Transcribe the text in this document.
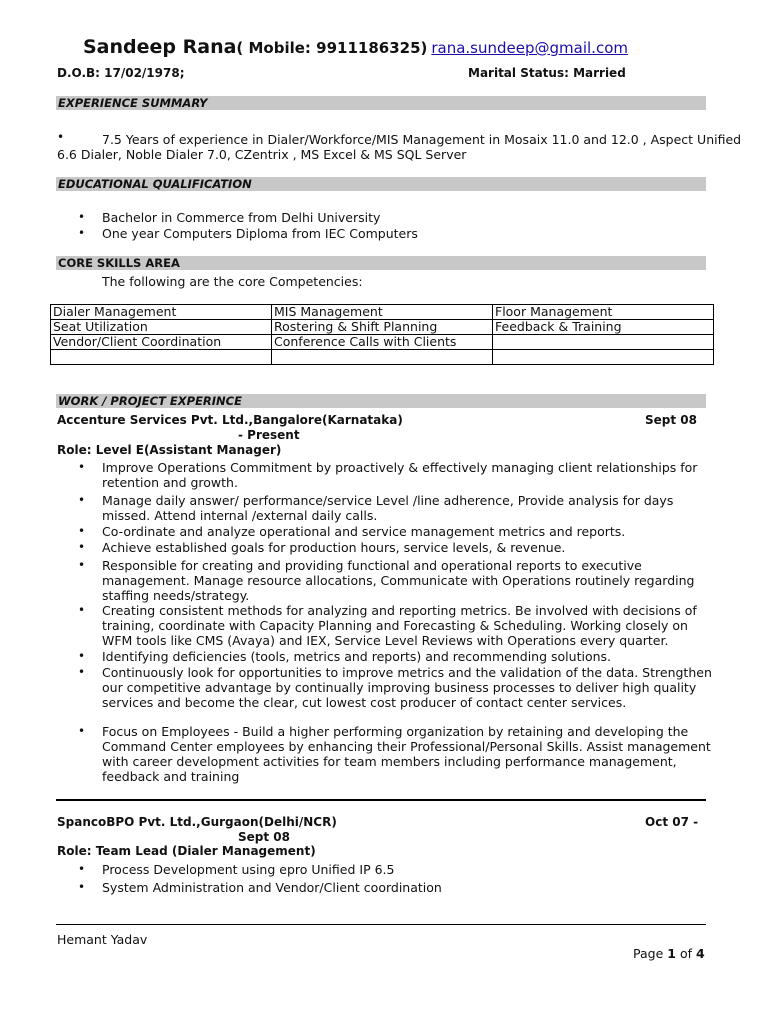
Sandeep Rana( Mobile: 9911186325) rana.sundeep@gmail.com
D.O.B: 17/02/1978;	Marital Status: Married
EXPERIENCE SUMMARY
•	7.5 Years of experience in Dialer/Workforce/MIS Management in Mosaix 11.0 and 12.0 , Aspect Unified
6.6 Dialer, Noble Dialer 7.0, CZentrix , MS Excel & MS SQL Server
EDUCATIONAL QUALIFICATION
• Bachelor in Commerce from Delhi University
• One year Computers Diploma from IEC Computers
CORE SKILLS AREA
The following are the core Competencies:
Dialer Management	MIS Management	Floor Management
Seat Utilization	Rostering & Shift Planning	Feedback & Training
Vendor/Client Coordination	Conference Calls with Clients	

WORK / PROJECT EXPERINCE
Accenture Services Pvt. Ltd.,Bangalore(Karnataka)	Sept 08
- Present
Role: Level E(Assistant Manager)
• Improve Operations Commitment by proactively & effectively managing client relationships for retention and growth.
• Manage daily answer/ performance/service Level /line adherence, Provide analysis for days missed. Attend internal /external daily calls.
• Co-ordinate and analyze operational and service management metrics and reports.
• Achieve established goals for production hours, service levels, & revenue.
• Responsible for creating and providing functional and operational reports to executive management. Manage resource allocations, Communicate with Operations routinely regarding staffing needs/strategy.
• Creating consistent methods for analyzing and reporting metrics. Be involved with decisions of training, coordinate with Capacity Planning and Forecasting & Scheduling. Working closely on WFM tools like CMS (Avaya) and IEX, Service Level Reviews with Operations every quarter.
• Identifying deficiencies (tools, metrics and reports) and recommending solutions.
• Continuously look for opportunities to improve metrics and the validation of the data. Strengthen our competitive advantage by continually improving business processes to deliver high quality services and become the clear, cut lowest cost producer of contact center services.
• Focus on Employees - Build a higher performing organization by retaining and developing the Command Center employees by enhancing their Professional/Personal Skills. Assist management with career development activities for team members including performance management, feedback and training
SpancoBPO Pvt. Ltd.,Gurgaon(Delhi/NCR)	Oct 07 -
Sept 08
Role: Team Lead (Dialer Management)
• Process Development using epro Unified IP 6.5
• System Administration and Vendor/Client coordination
Hemant Yadav
Page 1 of 4
